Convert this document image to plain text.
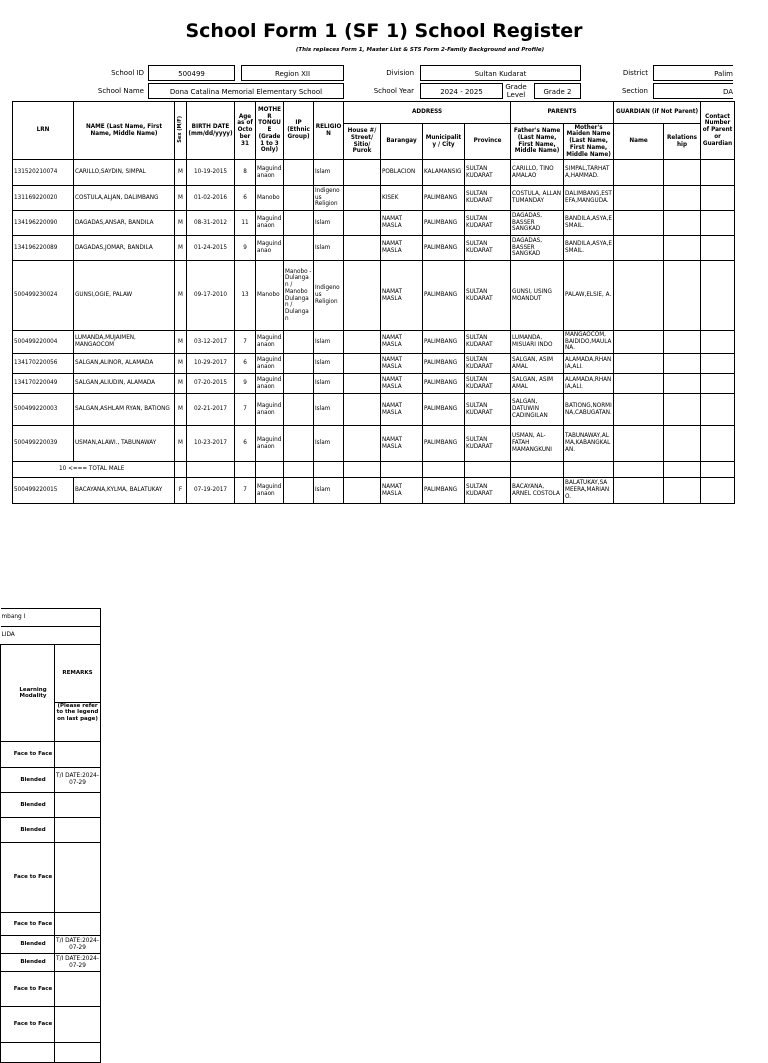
School Form 1 (SF 1) School Register
(This replaces Form 1, Master List & STS Form 2-Family Background and Profile)
School ID	500499	Region XII	Division	Sultan Kudarat	District	Palim
School Name	Dona Catalina Memorial Elementary School	School Year	2024 - 2025
Grade Level	Grade 2	Section	DA
LRN	NAME (Last Name, First Name, Middle Name)	Sex (M/F)	BIRTH DATE (mm/dd/yyyy)	Age as of October 31	MOTHER TONGUE (Grade 1 to 3 Only)	IP (Ethnic Group)	RELIGION	ADDRESS				PARENTS		GUARDIAN (if Not Parent)		Contact Number of Parent or Guardian
								House #/ Street/ Sitio/ Purok	Barangay	Municipality / City	Province	Father's Name (Last Name, First Name, Middle Name)	Mother's Maiden Name (Last Name, First Name, Middle Name)	Name	Relationship	
131520210074	CARILLO,SAYDIN, SIMPAL	M	10-19-2015	8	Maguindanaon		Islam		POBLACION	KALAMANSIG	SULTAN KUDARAT	CARILLO, TINO AMALAO	SIMPAL,TARHATA,HAMMAD.			
131169220020	COSTULA,ALJAN, DALIMBANG	M	01-02-2016	6	Manobo		Indigenous Religion		KISEK	PALIMBANG	SULTAN KUDARAT	COSTULA, ALLAN TUMANDAY	DALIMBANG,ESTEFA,MANGUDA.			
134196220090	DAGADAS,ANSAR, BANDILA	M	08-31-2012	11	Maguindanaon		Islam		NAMAT MASLA	PALIMBANG	SULTAN KUDARAT	DAGADAS, BASSER SANGKAD	BANDILA,ASYA,ESMAIL.			
134196220089	DAGADAS,JOMAR, BANDILA	M	01-24-2015	9	Maguindanao		Islam		NAMAT MASLA	PALIMBANG	SULTAN KUDARAT	DAGADAS, BASSER SANGKAD	BANDILA,ASYA,ESMAIL.			
500499230024	GUNSI,OGIE, PALAW	M	09-17-2010	13	Manobo	Manobo - Dulangan / Manobo Dulangan / Dulangan	Indigenous Religion		NAMAT MASLA	PALIMBANG	SULTAN KUDARAT	GUNSI, USING MOANDUT	PALAW,ELSIE, A.			
500499220004	LUMANDA,MUJAIMEN, MANGAOCOM	M	03-12-2017	7	Maguindanaon		Islam		NAMAT MASLA	PALIMBANG	SULTAN KUDARAT	LUMANDA, MISUARI INDO	MANGAOCOM, BAIDIDO,MAULANA.			
134170220056	SALGAN,ALINOR, ALAMADA	M	10-29-2017	6	Maguindanaon		Islam		NAMAT MASLA	PALIMBANG	SULTAN KUDARAT	SALGAN, ASIM AMAL	ALAMADA,RHANIA,ALI.			
134170220049	SALGAN,ALIUDIN, ALAMADA	M	07-20-2015	9	Maguindanaon		Islam		NAMAT MASLA	PALIMBANG	SULTAN KUDARAT	SALGAN, ASIM AMAL	ALAMADA,RHANIA,ALI.			
500499220003	SALGAN,ASHLAM RYAN, BATIONG	M	02-21-2017	7	Maguindanaon		Islam		NAMAT MASLA	PALIMBANG	SULTAN KUDARAT	SALGAN, DATUWIN CADINGILAN	BATIONG,NORMINA,CABUGATAN.			
500499220039	USMAN,ALAWI., TABUNAWAY	M	10-23-2017	6	Maguindanaon		Islam		NAMAT MASLA	PALIMBANG	SULTAN KUDARAT	USMAN, AL-FATAH MAMANGKUNI	TABUNAWAY,ALMA,KABANGKALAN.			
10 <=== TOTAL MALE																
500499220015	BACAYANA,KYLMA, BALATUKAY	F	07-19-2017	7	Maguindanaon		Islam		NAMAT MASLA	PALIMBANG	SULTAN KUDARAT	BACAYANA, ARNEL COSTOLA	BALATUKAY,SAMEERA,MARIANO.			
mbang I	
LIDA	
Learning Modality	REMARKS
	(Please refer to the legend on last page)
Face to Face	
Blended	T/I DATE:2024-07-29
Blended	
Blended	
Face to Face	
Face to Face	
Blended	T/I DATE:2024-07-29
Blended	T/I DATE:2024-07-29
Face to Face	
Face to Face	
